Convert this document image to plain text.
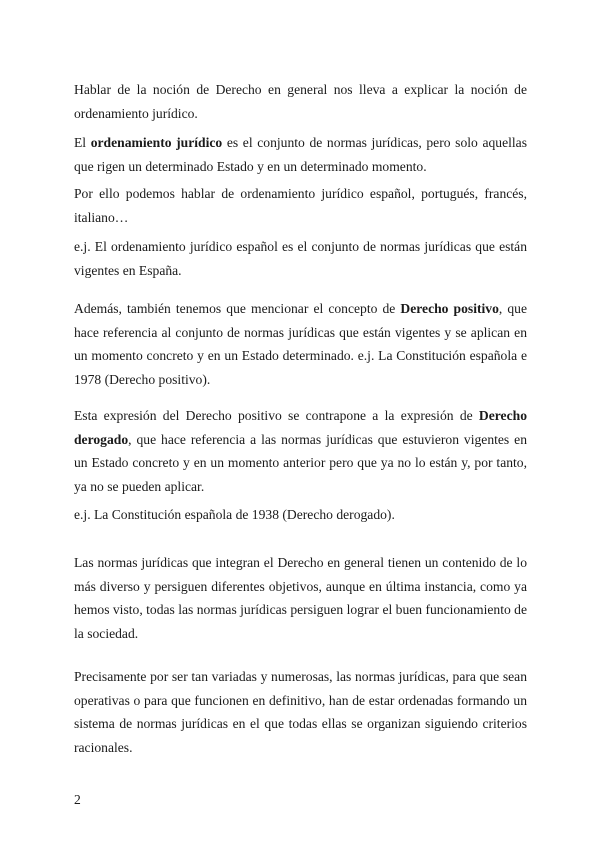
Hablar de la noción de Derecho en general nos lleva a explicar la noción de ordenamiento jurídico.

El ordenamiento jurídico es el conjunto de normas jurídicas, pero solo aquellas que rigen un determinado Estado y en un determinado momento.

Por ello podemos hablar de ordenamiento jurídico español, portugués, francés, italiano…

e.j. El ordenamiento jurídico español es el conjunto de normas jurídicas que están vigentes en España.

Además, también tenemos que mencionar el concepto de Derecho positivo, que hace referencia al conjunto de normas jurídicas que están vigentes y se aplican en un momento concreto y en un Estado determinado. e.j. La Constitución española e 1978 (Derecho positivo).

Esta expresión del Derecho positivo se contrapone a la expresión de Derecho derogado, que hace referencia a las normas jurídicas que estuvieron vigentes en un Estado concreto y en un momento anterior pero que ya no lo están y, por tanto, ya no se pueden aplicar.

e.j. La Constitución española de 1938 (Derecho derogado).

Las normas jurídicas que integran el Derecho en general tienen un contenido de lo más diverso y persiguen diferentes objetivos, aunque en última instancia, como ya hemos visto, todas las normas jurídicas persiguen lograr el buen funcionamiento de la sociedad.

Precisamente por ser tan variadas y numerosas, las normas jurídicas, para que sean operativas o para que funcionen en definitivo, han de estar ordenadas formando un sistema de normas jurídicas en el que todas ellas se organizan siguiendo criterios racionales.

2
